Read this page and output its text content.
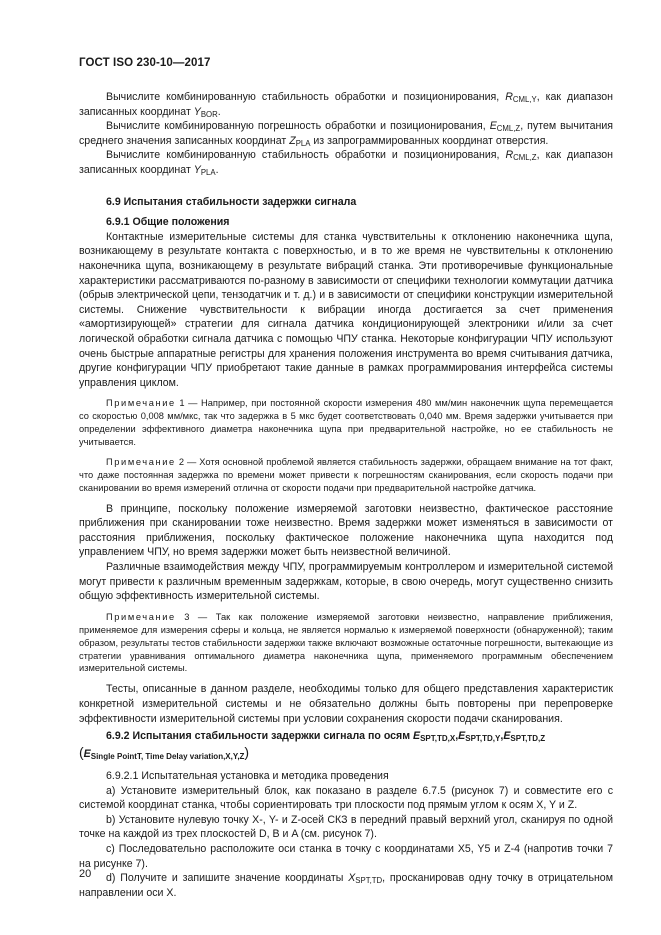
ГОСТ ISO 230-10—2017

Вычислите комбинированную стабильность обработки и позиционирования, $R_{CML,Y}$, как диапазон записанных координат $Y_{BOR}$.

Вычислите комбинированную погрешность обработки и позиционирования, $E_{CML,Z}$, путем вычитания среднего значения записанных координат $Z_{PLA}$ из запрограммированных координат отверстия.

Вычислите комбинированную стабильность обработки и позиционирования, $R_{CML,Z}$, как диапазон записанных координат $Y_{PLA}$.

6.9 Испытания стабильности задержки сигнала

6.9.1 Общие положения

Контактные измерительные системы для станка чувствительны к отклонению наконечника щупа, возникающему в результате контакта с поверхностью, и в то же время не чувствительны к отклонению наконечника щупа, возникающему в результате вибраций станка. Эти противоречивые функциональные характеристики рассматриваются по-разному в зависимости от специфики технологии коммутации датчика (обрыв электрической цепи, тензодатчик и т. д.) и в зависимости от специфики конструкции измерительной системы. Снижение чувствительности к вибрации иногда достигается за счет применения «амортизирующей» стратегии для сигнала датчика кондиционирующей электроники и/или за счет логической обработки сигнала датчика с помощью ЧПУ станка. Некоторые конфигурации ЧПУ используют очень быстрые аппаратные регистры для хранения положения инструмента во время считывания датчика, другие конфигурации ЧПУ приобретают такие данные в рамках программирования интерфейса системы управления циклом.

Примечание 1 — Например, при постоянной скорости измерения 480 мм/мин наконечник щупа перемещается со скоростью 0,008 мм/мкс, так что задержка в 5 мкс будет соответствовать 0,040 мм. Время задержки учитывается при определении эффективного диаметра наконечника щупа при предварительной настройке, но ее стабильность не учитывается.

Примечание 2 — Хотя основной проблемой является стабильность задержки, обращаем внимание на тот факт, что даже постоянная задержка по времени может привести к погрешностям сканирования, если скорость подачи при сканировании во время измерений отлична от скорости подачи при предварительной настройке датчика.

В принципе, поскольку положение измеряемой заготовки неизвестно, фактическое расстояние приближения при сканировании тоже неизвестно. Время задержки может изменяться в зависимости от расстояния приближения, поскольку фактическое положение наконечника щупа находится под управлением ЧПУ, но время задержки может быть неизвестной величиной.

Различные взаимодействия между ЧПУ, программируемым контроллером и измерительной системой могут привести к различным временным задержкам, которые, в свою очередь, могут существенно снизить общую эффективность измерительной системы.

Примечание 3 — Так как положение измеряемой заготовки неизвестно, направление приближения, применяемое для измерения сферы и кольца, не является нормалью к измеряемой поверхности (обнаруженной); таким образом, результаты тестов стабильности задержки также включают возможные остаточные погрешности, вытекающие из стратегии уравнивания оптимального диаметра наконечника щупа, применяемого программным обеспечением измерительной системы.

Тесты, описанные в данном разделе, необходимы только для общего представления характеристик конкретной измерительной системы и не обязательно должны быть повторены при перепроверке эффективности измерительной системы при условии сохранения скорости подачи сканирования.

6.9.2 Испытания стабильности задержки сигнала по осям $E_{SPT,TD,X},E_{SPT,TD,Y},E_{SPT,TD,Z}$

$(E_{Single PointT, Time Delay variation,X,Y,Z})$

6.9.2.1 Испытательная установка и методика проведения

a) Установите измерительный блок, как показано в разделе 6.7.5 (рисунок 7) и совместите его с системой координат станка, чтобы сориентировать три плоскости под прямым углом к осям X, Y и Z.

b) Установите нулевую точку X-, Y- и Z-осей СКЗ в передний правый верхний угол, сканируя по одной точке на каждой из трех плоскостей D, B и A (см. рисунок 7).

c) Последовательно расположите оси станка в точку с координатами X5, Y5 и Z-4 (напротив точки 7 на рисунке 7).

d) Получите и запишите значение координаты $X_{SPT,TD}$, просканировав одну точку в отрицательном направлении оси X.

20
